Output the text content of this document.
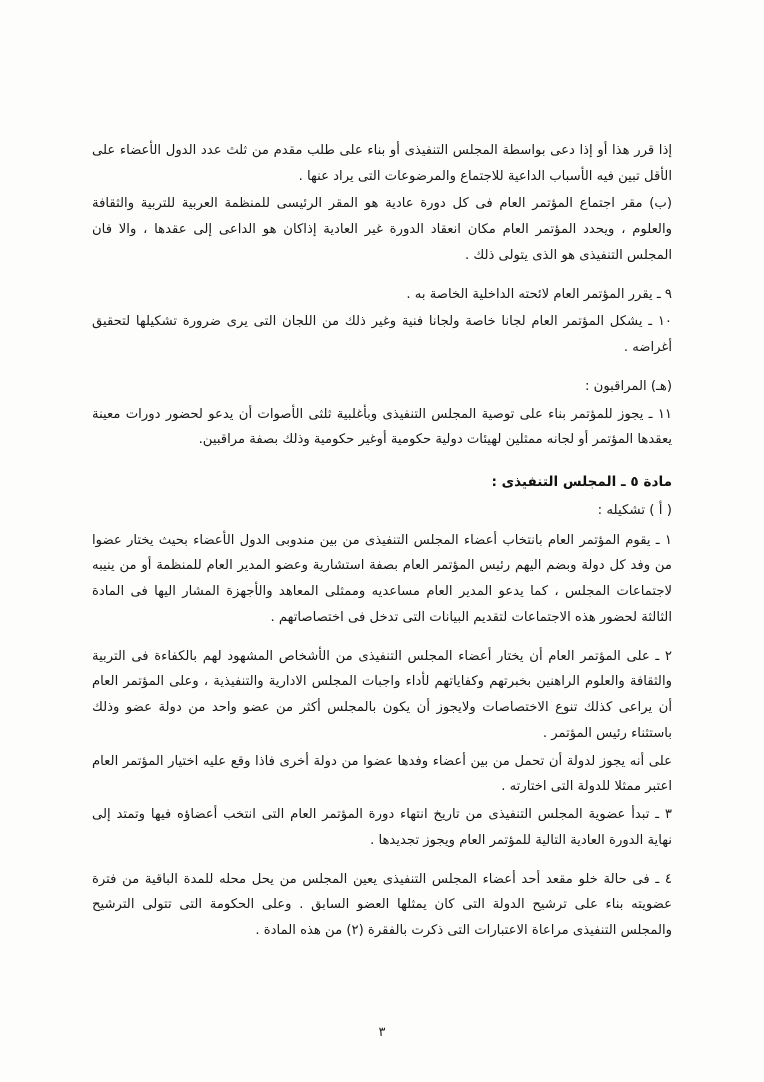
إذا قرر هذا أو إذا دعى بواسطة المجلس التنفيذى أو بناء على طلب مقدم من ثلث عدد الدول الأعضاء على الأقل تبين فيه الأسباب الداعية للاجتماع والمرضوعات التى يراد عنها .

(ب) مقر اجتماع المؤتمر العام فى كل دورة عادية هو المقر الرئيسى للمنظمة العربية للتربية والثقافة والعلوم ، ويحدد المؤتمر العام مكان انعقاد الدورة غير العادية إذاكان هو الداعى إلى عقدها ، والا فان المجلس التنفيذى هو الذى يتولى ذلك .

٩ ـ يقرر المؤتمر العام لائحته الداخلية الخاصة به .

١٠ ـ يشكل المؤتمر العام لجانا خاصة ولجانا فنية وغير ذلك من اللجان التى يرى ضرورة تشكيلها لتحقيق أغراضه .

(هـ) المراقبون :

١١ ـ يجوز للمؤتمر بناء على توصية المجلس التنفيذى وبأغلبية ثلثى الأصوات أن يدعو لحضور دورات معينة يعقدها المؤتمر أو لجانه ممثلين لهيئات دولية حكومية أوغير حكومية وذلك بصفة مراقبين.

مادة ٥ ـ المجلس التنفيذى :

( أ ) تشكيله :

١ ـ يقوم المؤتمر العام بانتخاب أعضاء المجلس التنفيذى من بين مندوبى الدول الأعضاء بحيث يختار عضوا من وفد كل دولة وبضم اليهم رئيس المؤتمر العام بصفة استشارية وعضو المدير العام للمنظمة أو من ينيبه لاجتماعات المجلس ، كما يدعو المدير العام مساعديه وممثلى المعاهد والأجهزة المشار اليها فى المادة الثالثة لحضور هذه الاجتماعات لتقديم البيانات التى تدخل فى اختصاصاتهم .

٢ ـ على المؤتمر العام أن يختار أعضاء المجلس التنفيذى من الأشخاص المشهود لهم بالكفاءة فى التربية والثقافة والعلوم الراهنين بخبرتهم وكفاياتهم لأداء واجبات المجلس الادارية والتنفيذية ، وعلى المؤتمر العام أن يراعى كذلك تنوع الاختصاصات ولايجوز أن يكون بالمجلس أكثر من عضو واحد من دولة عضو وذلك باستثناء رئيس المؤتمر .

على أنه يجوز لدولة أن تحمل من بين أعضاء وفدها عضوا من دولة أخرى فاذا وقع عليه اختيار المؤتمر العام اعتبر ممثلا للدولة التى اختارته .

٣ ـ تبدأ عضوية المجلس التنفيذى من تاريخ انتهاء دورة المؤتمر العام التى انتخب أعضاؤه فيها وتمتد إلى نهاية الدورة العادية التالية للمؤتمر العام ويجوز تجديدها .

٤ ـ فى حالة خلو مقعد أحد أعضاء المجلس التنفيذى يعين المجلس من يحل محله للمدة الباقية من فترة عضويته بناء على ترشيح الدولة التى كان يمثلها العضو السابق . وعلى الحكومة التى تتولى الترشيح والمجلس التنفيذى مراعاة الاعتبارات التى ذكرت بالفقرة (٢) من هذه المادة .

٣
